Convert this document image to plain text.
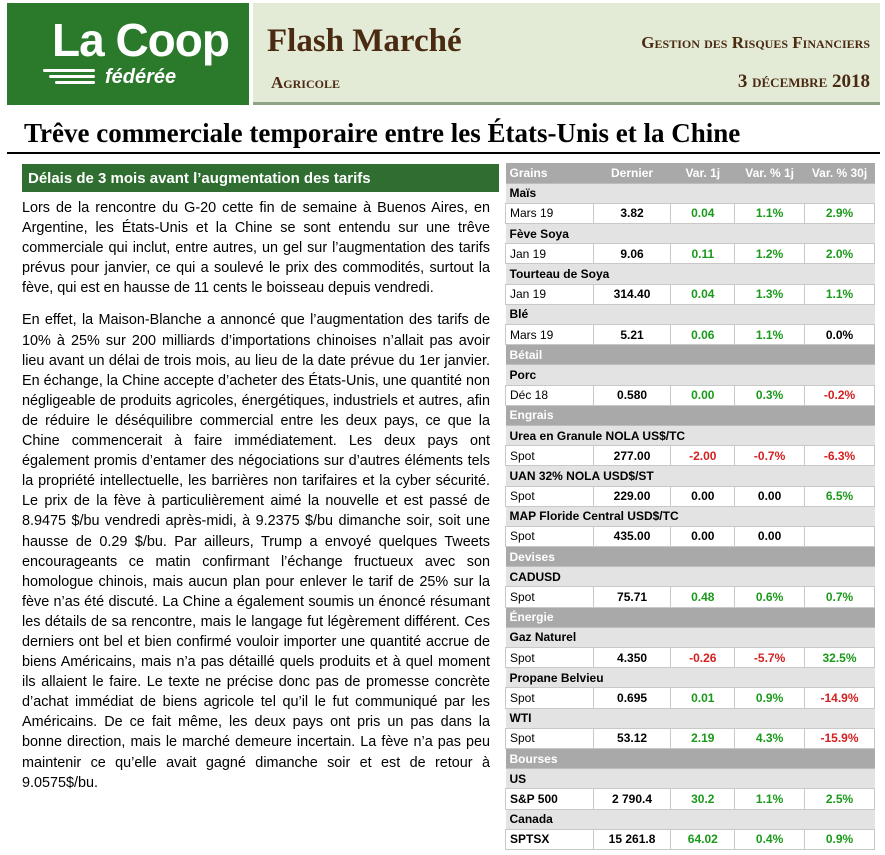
La Coop
fédérée
Flash Marché
Agricole
Gestion des Risques Financiers
3 décembre 2018
Trêve commerciale temporaire entre les États-Unis et la Chine
Délais de 3 mois avant l’augmentation des tarifs

Lors de la rencontre du G-20 cette fin de semaine à Buenos Aires, en Argentine, les États-Unis et la Chine se sont entendu sur une trêve commerciale qui inclut, entre autres, un gel sur l’augmentation des tarifs prévus pour janvier, ce qui a soulevé le prix des commodités, surtout la fève, qui est en hausse de 11 cents le boisseau depuis vendredi.

En effet, la Maison-Blanche a annoncé que l’augmentation des tarifs de 10% à 25% sur 200 milliards d’importations chinoises n’allait pas avoir lieu avant un délai de trois mois, au lieu de la date prévue du 1er janvier. En échange, la Chine accepte d’acheter des États-Unis, une quantité non négligeable de produits agricoles, énergétiques, industriels et autres, afin de réduire le déséquilibre commercial entre les deux pays, ce que la Chine commencerait à faire immédiatement. Les deux pays ont également promis d’entamer des négociations sur d’autres éléments tels la propriété intellectuelle, les barrières non tarifaires et la cyber sécurité. Le prix de la fève à particulièrement aimé la nouvelle et est passé de 8.9475 $/bu vendredi après-midi, à 9.2375 $/bu dimanche soir, soit une hausse de 0.29 $/bu. Par ailleurs, Trump a envoyé quelques Tweets encourageants ce matin confirmant l’échange fructueux avec son homologue chinois, mais aucun plan pour enlever le tarif de 25% sur la fève n’as été discuté. La Chine a également soumis un énoncé résumant les détails de sa rencontre, mais le langage fut légèrement différent. Ces derniers ont bel et bien confirmé vouloir importer une quantité accrue de biens Américains, mais n’a pas détaillé quels produits et à quel moment ils allaient le faire. Le texte ne précise donc pas de promesse concrète d’achat immédiat de biens agricole tel qu’il le fut communiqué par les Américains. De ce fait même, les deux pays ont pris un pas dans la bonne direction, mais le marché demeure incertain. La fève n’a pas peu maintenir ce qu’elle avait gagné dimanche soir et est de retour à 9.0575$/bu.

Grains	Dernier	Var. 1j	Var. % 1j	Var. % 30j
Maïs				
Mars 19	3.82	0.04	1.1%	2.9%
Fève Soya				
Jan 19	9.06	0.11	1.2%	2.0%
Tourteau de Soya				
Jan 19	314.40	0.04	1.3%	1.1%
Blé				
Mars 19	5.21	0.06	1.1%	0.0%
Bétail				
Porc				
Déc 18	0.580	0.00	0.3%	-0.2%
Engrais				
Urea en Granule NOLA US$/TC				
Spot	277.00	-2.00	-0.7%	-6.3%
UAN 32% NOLA USD$/ST				
Spot	229.00	0.00	0.00	6.5%
MAP Floride Central USD$/TC				
Spot	435.00	0.00	0.00	
Devises				
CADUSD				
Spot	75.71	0.48	0.6%	0.7%
Énergie				
Gaz Naturel				
Spot	4.350	-0.26	-5.7%	32.5%
Propane Belvieu				
Spot	0.695	0.01	0.9%	-14.9%
WTI				
Spot	53.12	2.19	4.3%	-15.9%
Bourses				
US				
S&P 500	2 790.4	30.2	1.1%	2.5%
Canada				
SPTSX	15 261.8	64.02	0.4%	0.9%
